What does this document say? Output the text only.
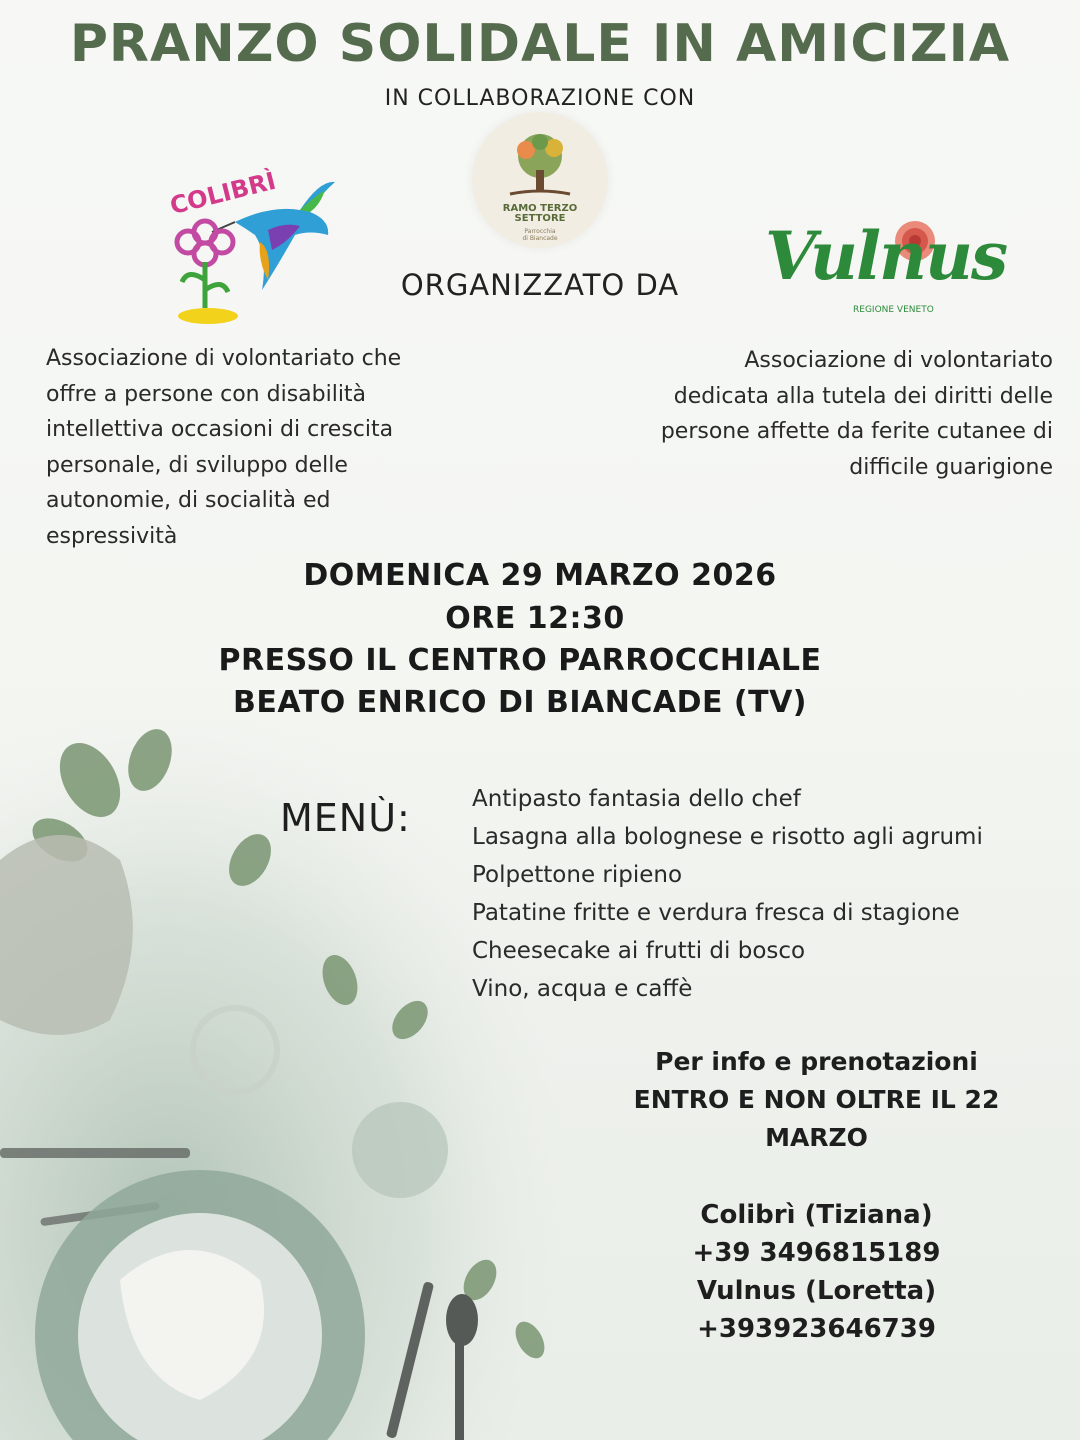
PRANZO SOLIDALE IN AMICIZIA
IN COLLABORAZIONE CON
COLIBRÌ	RAMO TERZO
SETTORE
Parrocchia
di Biancade
ORGANIZZATO DA	Vulnus
REGIONE VENETO
Associazione di volontariato che
offre a persone con disabilità
intellettiva occasioni di crescita
personale, di sviluppo delle
autonomie, di socialità ed
espressività
Associazione di volontariato
dedicata alla tutela dei diritti delle
persone affette da ferite cutanee di
difficile guarigione
DOMENICA 29 MARZO 2026
ORE 12:30
PRESSO IL CENTRO PARROCCHIALE
BEATO ENRICO DI BIANCADE (TV)
MENÙ:	Antipasto fantasia dello chef
Lasagna alla bolognese e risotto agli agrumi
Polpettone ripieno
Patatine fritte e verdura fresca di stagione
Cheesecake ai frutti di bosco
Vino, acqua e caffè
Per info e prenotazioni
ENTRO E NON OLTRE IL 22
MARZO
Colibrì (Tiziana)
+39 3496815189
Vulnus (Loretta)
+393923646739
